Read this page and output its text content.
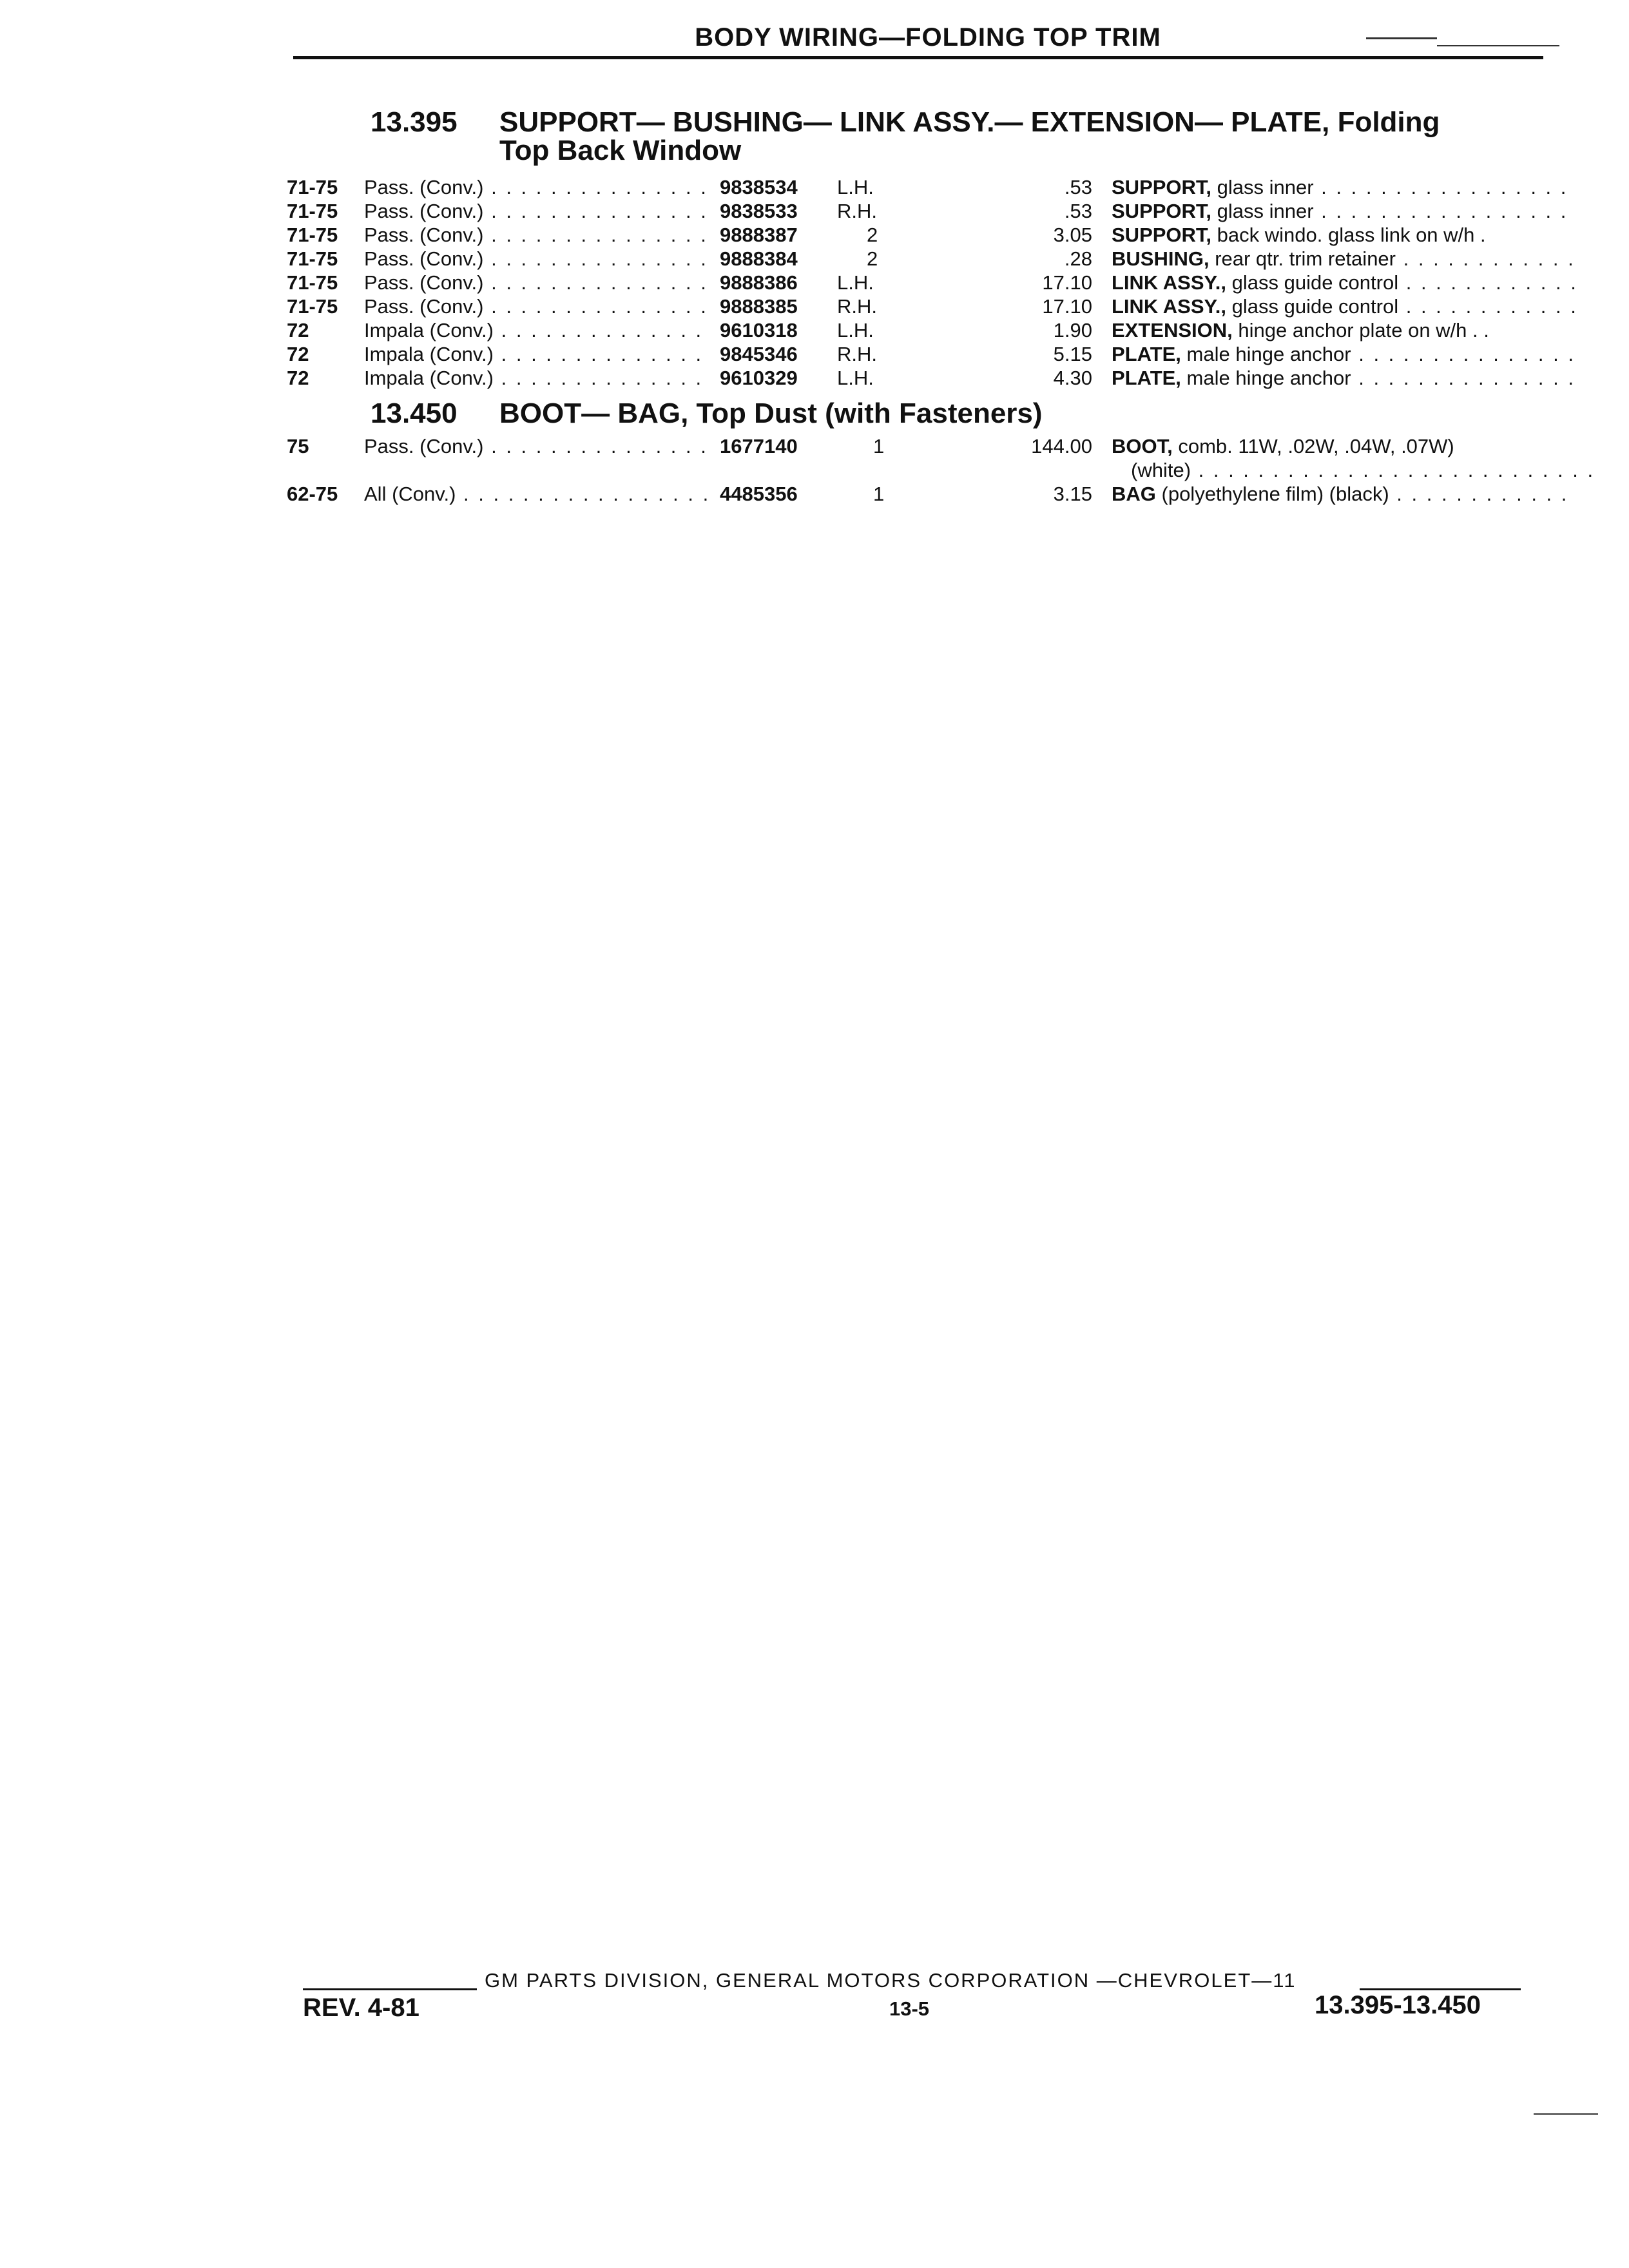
BODY WIRING—FOLDING TOP TRIM
13.395 SUPPORT— BUSHING— LINK ASSY.— EXTENSION— PLATE, Folding
Top Back Window
71-75	Pass. (Conv.) . . .	9838534 L.H.	.53 SUPPORT, glass inner . . .
71-75	Pass. (Conv.) . . .	9838533 R.H.	.53 SUPPORT, glass inner . . .
71-75	Pass. (Conv.) . . .	9888387	2	3.05 SUPPORT, back windo. glass link on w/h .
71-75	Pass. (Conv.) . . .	9888384	2	.28 BUSHING, rear qtr. trim retainer . . .
71-75	Pass. (Conv.) . . .	9888386 L.H.	17.10 LINK ASSY., glass guide control . . .
71-75	Pass. (Conv.) . . .	9888385 R.H.	17.10 LINK ASSY., glass guide control . . .
72	Impala (Conv.) . . .	9610318 L.H.	1.90 EXTENSION, hinge anchor plate on w/h . .
72	Impala (Conv.) . . .	9845346 R.H.	5.15 PLATE, male hinge anchor . . .
72	Impala (Conv.) . . .	9610329 L.H.	4.30 PLATE, male hinge anchor . . .
13.450 BOOT— BAG, Top Dust (with Fasteners)
75	Pass. (Conv.) . . .	1677140	1	144.00 BOOT, comb. 11W, .02W, .04W, .07W)
(white) . . .
62-75	All (Conv.) . . .	4485356	1	3.15 BAG (polyethylene film) (black) . . .
GM PARTS DIVISION, GENERAL MOTORS CORPORATION —CHEVROLET—11
REV. 4-81	13-5	13.395-13.450
